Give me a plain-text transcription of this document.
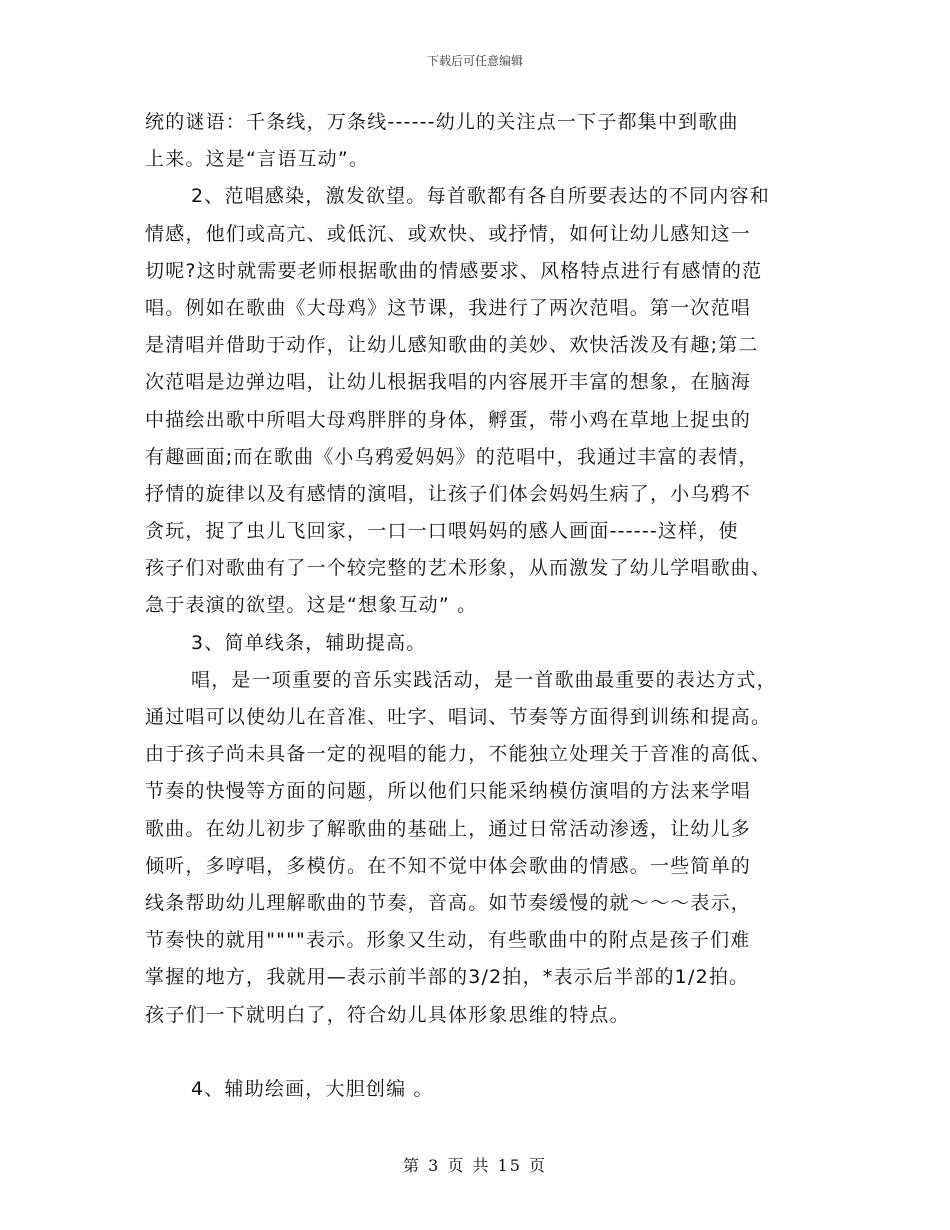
下载后可任意编辑
统的谜语：千条线，万条线------幼儿的关注点一下子都集中到歌曲
上来。这是“言语互动”。
2、范唱感染，激发欲望。每首歌都有各自所要表达的不同内容和
情感，他们或高亢、或低沉、或欢快、或抒情，如何让幼儿感知这一
切呢?这时就需要老师根据歌曲的情感要求、风格特点进行有感情的范
唱。例如在歌曲《大母鸡》这节课，我进行了两次范唱。第一次范唱
是清唱并借助于动作，让幼儿感知歌曲的美妙、欢快活泼及有趣;第二
次范唱是边弹边唱，让幼儿根据我唱的内容展开丰富的想象，在脑海
中描绘出歌中所唱大母鸡胖胖的身体，孵蛋，带小鸡在草地上捉虫的
有趣画面;而在歌曲《小乌鸦爱妈妈》的范唱中，我通过丰富的表情，
抒情的旋律以及有感情的演唱，让孩子们体会妈妈生病了，小乌鸦不
贪玩，捉了虫儿飞回家，一口一口喂妈妈的感人画面------这样，使
孩子们对歌曲有了一个较完整的艺术形象，从而激发了幼儿学唱歌曲、
急于表演的欲望。这是“想象互动” 。
3、简单线条，辅助提高。
唱，是一项重要的音乐实践活动，是一首歌曲最重要的表达方式，
通过唱可以使幼儿在音准、吐字、唱词、节奏等方面得到训练和提高。
由于孩子尚未具备一定的视唱的能力，不能独立处理关于音准的高低、
节奏的快慢等方面的问题，所以他们只能采纳模仿演唱的方法来学唱
歌曲。在幼儿初步了解歌曲的基础上，通过日常活动渗透，让幼儿多
倾听，多哼唱，多模仿。在不知不觉中体会歌曲的情感。一些简单的
线条帮助幼儿理解歌曲的节奏，音高。如节奏缓慢的就～～～表示，
节奏快的就用""""表示。形象又生动，有些歌曲中的附点是孩子们难
掌握的地方，我就用—表示前半部的3/2拍，*表示后半部的1/2拍。
孩子们一下就明白了，符合幼儿具体形象思维的特点。
4、辅助绘画，大胆创编 。
第 3 页 共 15 页
